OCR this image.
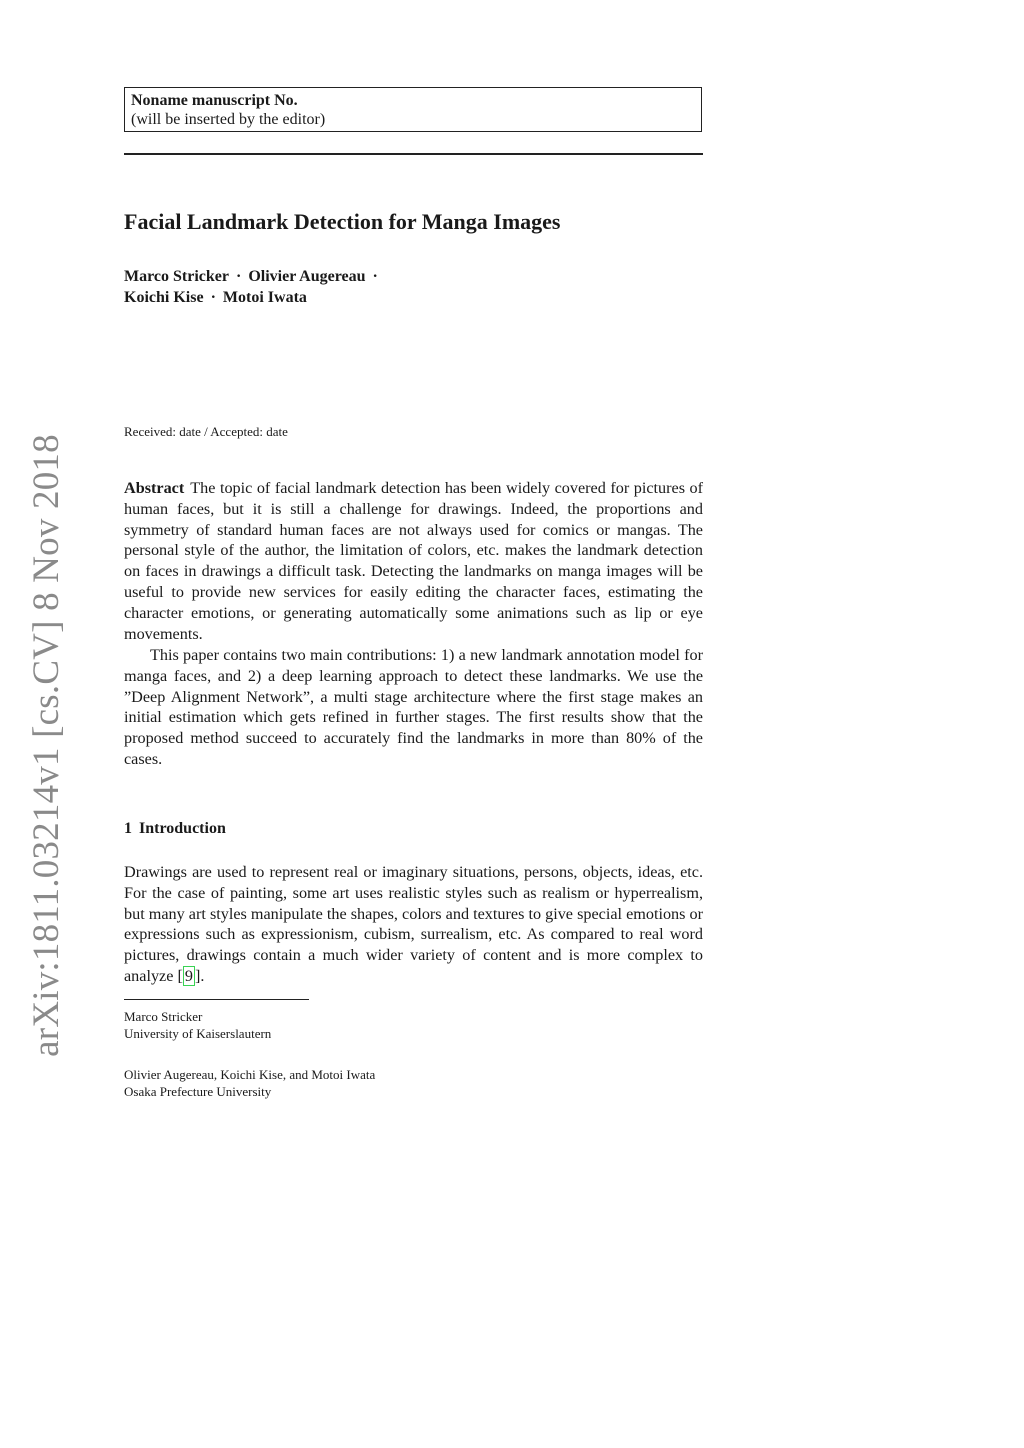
arXiv:1811.03214v1 [cs.CV] 8 Nov 2018
Noname manuscript No.
(will be inserted by the editor)
Facial Landmark Detection for Manga Images
Marco Stricker · Olivier Augereau ·
Koichi Kise · Motoi Iwata
Received: date / Accepted: date

Abstract The topic of facial landmark detection has been widely covered for pictures of human faces, but it is still a challenge for drawings. Indeed, the proportions and symmetry of standard human faces are not always used for comics or mangas. The personal style of the author, the limitation of colors, etc. makes the landmark detection on faces in drawings a difficult task. Detecting the landmarks on manga images will be useful to provide new services for easily editing the character faces, estimating the character emotions, or generating automatically some animations such as lip or eye movements.

This paper contains two main contributions: 1) a new landmark annotation model for manga faces, and 2) a deep learning approach to detect these landmarks. We use the ”Deep Alignment Network”, a multi stage architecture where the first stage makes an initial estimation which gets refined in further stages. The first results show that the proposed method succeed to accurately find the landmarks in more than 80% of the cases.

1 Introduction

Drawings are used to represent real or imaginary situations, persons, objects, ideas, etc. For the case of painting, some art uses realistic styles such as realism or hyperrealism, but many art styles manipulate the shapes, colors and textures to give special emotions or expressions such as expressionism, cubism, surrealism, etc. As compared to real word pictures, drawings contain a much wider variety of content and is more complex to analyze [ 9 ].

Marco Stricker
University of Kaiserslautern
Olivier Augereau, Koichi Kise, and Motoi Iwata
Osaka Prefecture University
